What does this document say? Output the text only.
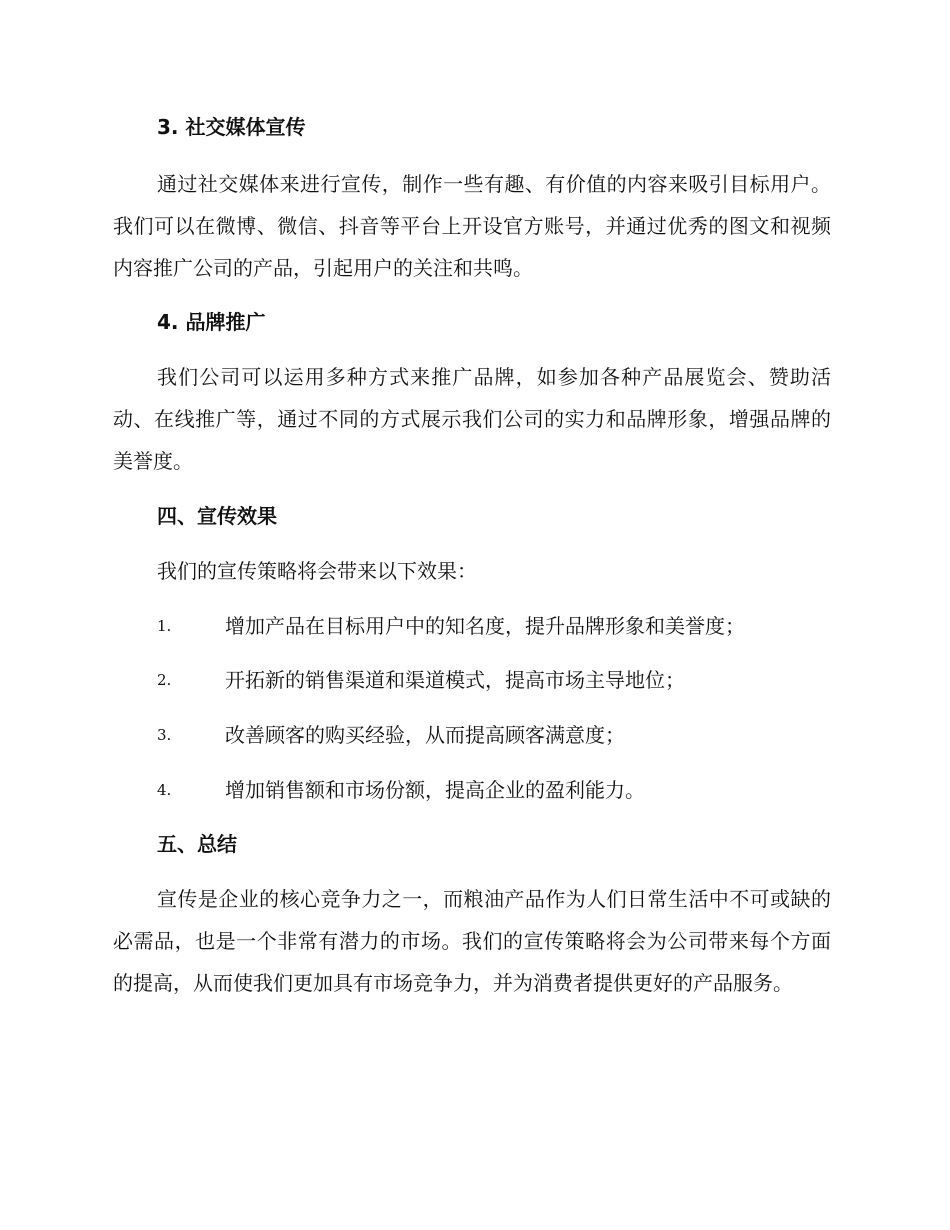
3. 社交媒体宣传
通过社交媒体来进行宣传，制作一些有趣、有价值的内容来吸引目标用户。我们可以在微博、微信、抖音等平台上开设官方账号，并通过优秀的图文和视频内容推广公司的产品，引起用户的关注和共鸣。
4. 品牌推广
我们公司可以运用多种方式来推广品牌，如参加各种产品展览会、赞助活动、在线推广等，通过不同的方式展示我们公司的实力和品牌形象，增强品牌的美誉度。
四、宣传效果
我们的宣传策略将会带来以下效果：
1.	增加产品在目标用户中的知名度，提升品牌形象和美誉度；
2.	开拓新的销售渠道和渠道模式，提高市场主导地位；
3.	改善顾客的购买经验，从而提高顾客满意度；
4.	增加销售额和市场份额，提高企业的盈利能力。
五、总结
宣传是企业的核心竞争力之一，而粮油产品作为人们日常生活中不可或缺的必需品，也是一个非常有潜力的市场。我们的宣传策略将会为公司带来每个方面的提高，从而使我们更加具有市场竞争力，并为消费者提供更好的产品服务。
